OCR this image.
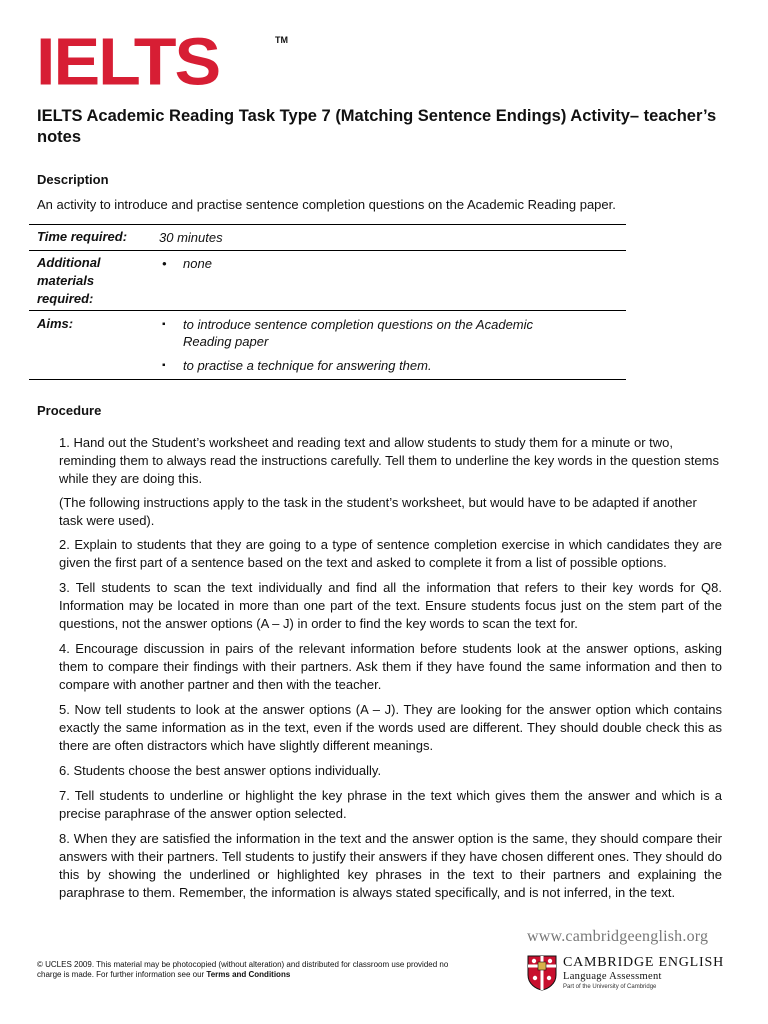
IELTS	TM
IELTS Academic Reading Task Type 7 (Matching Sentence Endings) Activity– teacher’s notes
Description
An activity to introduce and practise sentence completion questions on the Academic Reading paper.
Time required:	30 minutes
Additional
materials
required:
•	none
Aims:	▪	to introduce sentence completion questions on the Academic Reading paper
▪	to practise a technique for answering them.
Procedure

1. Hand out the Student’s worksheet and reading text and allow students to study them for a minute or two, reminding them to always read the instructions carefully. Tell them to underline the key words in the question stems while they are doing this.

(The following instructions apply to the task in the student’s worksheet, but would have to be adapted if another task were used).

2. Explain to students that they are going to a type of sentence completion exercise in which candidates they are given the first part of a sentence based on the text and asked to complete it from a list of possible options.

3. Tell students to scan the text individually and find all the information that refers to their key words for Q8. Information may be located in more than one part of the text. Ensure students focus just on the stem part of the questions, not the answer options (A – J) in order to find the key words to scan the text for.

4. Encourage discussion in pairs of the relevant information before students look at the answer options, asking them to compare their findings with their partners. Ask them if they have found the same information and then to compare with another partner and then with the teacher.

5. Now tell students to look at the answer options (A – J). They are looking for the answer option which contains exactly the same information as in the text, even if the words used are different. They should double check this as there are often distractors which have slightly different meanings.

6. Students choose the best answer options individually.

7. Tell students to underline or highlight the key phrase in the text which gives them the answer and which is a precise paraphrase of the answer option selected.

8. When they are satisfied the information in the text and the answer option is the same, they should compare their answers with their partners. Tell students to justify their answers if they have chosen different ones. They should do this by showing the underlined or highlighted key phrases in the text to their partners and explaining the paraphrase to them. Remember, the information is always stated specifically, and is not inferred, in the text.

© UCLES 2009. This material may be photocopied (without alteration) and distributed for classroom use provided no charge is made. For further information see our Terms and Conditions
www.cambridgeenglish.org
CAMBRIDGE ENGLISH
Language Assessment
Part of the University of Cambridge
